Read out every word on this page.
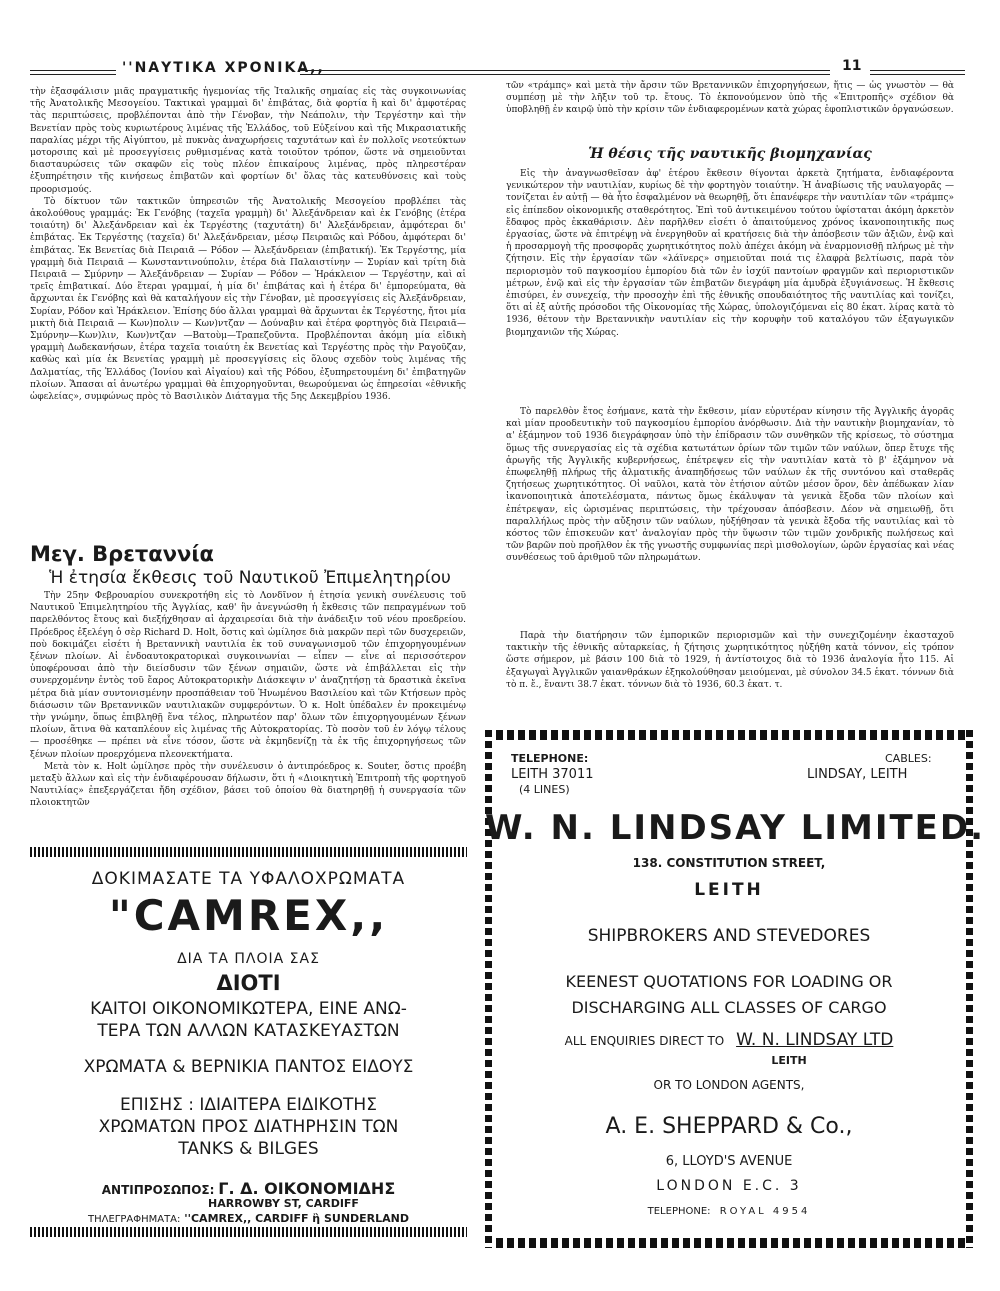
''ΝΑΥΤΙΚΑ ΧΡΟΝΙΚΑ,,	11

τὴν ἐξασφάλισιν μιᾶς πραγματικῆς ἡγεμονίας τῆς Ἰταλικῆς σημαίας εἰς τὰς συγκοινωνίας τῆς Ἀνατολικῆς Μεσογείου. Τακτικαὶ γραμμαὶ δι' ἐπιβάτας, διὰ φορτία ἢ καὶ δι' ἀμφοτέρας τὰς περιπτώσεις, προβλέπονται ἀπὸ τὴν Γένοβαν, τὴν Νεάπολιν, τὴν Τεργέστην καὶ τὴν Βενετίαν πρὸς τοὺς κυριωτέρους λιμένας τῆς Ἑλλάδος, τοῦ Εὐξείνου καὶ τῆς Μικρασιατικῆς παραλίας μέχρι τῆς Αἰγύπτου, μὲ πυκνὰς ἀναχωρήσεις ταχυτάτων καὶ ἐν πολλοῖς νεοτεύκτων μοτορσιπς καὶ μὲ προσεγγίσεις ρυθμισμένας κατὰ τοιοῦτον τρόπον, ὥστε νὰ σημειοῦνται διασταυρώσεις τῶν σκαφῶν εἰς τοὺς πλέον ἐπικαίρους λιμένας, πρὸς πληρεστέραν ἐξυπηρέτησιν τῆς κινήσεως ἐπιβατῶν καὶ φορτίων δι' ὅλας τὰς κατευθύνσεις καὶ τοὺς προορισμούς.

Τὸ δίκτυον τῶν τακτικῶν ὑπηρεσιῶν τῆς Ἀνατολικῆς Μεσογείου προβλέπει τὰς ἀκολούθους γραμμάς: Ἐκ Γενόβης (ταχεῖα γραμμὴ) δι' Ἀλεξάνδρειαν καὶ ἐκ Γενόβης (ἑτέρα τοιαύτη) δι' Ἀλεξάνδρειαν καὶ ἐκ Τεργέστης (ταχυτάτη) δι' Ἀλεξάνδρειαν, ἀμφότεραι δι' ἐπιβάτας. Ἐκ Τεργέστης (ταχεῖα) δι' Ἀλεξάνδρειαν, μέσῳ Πειραιῶς καὶ Ρόδου, ἀμφότεραι δι' ἐπιβάτας. Ἐκ Βενετίας διὰ Πειραιᾶ — Ρόδον — Ἀλεξάνδρειαν (ἐπιβατική). Ἐκ Τεργέστης, μία γραμμὴ διὰ Πειραιᾶ — Κωνσταντινούπολιν, ἑτέρα διὰ Παλαιστίνην — Συρίαν καὶ τρίτη διὰ Πειραιᾶ — Σμύρνην — Ἀλεξάνδρειαν — Συρίαν — Ρόδον — Ἡράκλειον — Τεργέστην, καὶ αἱ τρεῖς ἐπιβατικαί. Δύο ἕτεραι γραμμαί, ἡ μία δι' ἐπιβάτας καὶ ἡ ἑτέρα δι' ἐμπορεύματα, θὰ ἄρχωνται ἐκ Γενόβης καὶ θὰ καταλήγουν εἰς τὴν Γένοβαν, μὲ προσεγγίσεις εἰς Ἀλεξάνδρειαν, Συρίαν, Ρόδον καὶ Ἡράκλειον. Ἐπίσης δύο ἄλλαι γραμμαὶ θὰ ἄρχωνται ἐκ Τεργέστης, ἤτοι μία μικτὴ διὰ Πειραιᾶ — Κων)πολιν — Κων)ντζαν — Δούναβιν καὶ ἑτέρα φορτηγὸς διὰ Πειραιᾶ—Σμύρνην—Κων)λιν, Κων)ντζαν —Βατοὺμ—Τραπεζοῦντα. Προβλέπονται ἀκόμη μία εἰδικὴ γραμμὴ Δωδεκανήσων, ἑτέρα ταχεῖα τοιαύτη ἐκ Βενετίας καὶ Τεργέστης πρὸς τὴν Ραγοῦζαν, καθὼς καὶ μία ἐκ Βενετίας γραμμὴ μὲ προσεγγίσεις εἰς ὅλους σχεδὸν τοὺς λιμένας τῆς Δαλματίας, τῆς Ἑλλάδος (Ἰονίου καὶ Αἰγαίου) καὶ τῆς Ρόδου, ἐξυπηρετουμένη δι' ἐπιβατηγῶν πλοίων. Ἅπασαι αἱ ἀνωτέρω γραμμαὶ θὰ ἐπιχορηγοῦνται, θεωρούμεναι ὡς ἐπηρεσίαι «ἐθνικῆς ὠφελείας», συμφώνως πρὸς τὸ Βασιλικὸν Διάταγμα τῆς 5ης Δεκεμβρίου 1936.

Μεγ. Βρεταννία
Ἡ ἐτησία ἔκθεσις τοῦ Ναυτικοῦ Ἐπιμελητηρίου

Τὴν 25ην Φεβρουαρίου συνεκροτήθη εἰς τὸ Λονδῖνον ἡ ἐτησία γενικὴ συνέλευσις τοῦ Ναυτικοῦ Ἐπιμελητηρίου τῆς Ἀγγλίας, καθ' ἣν ἀνεγνώσθη ἡ ἔκθεσις τῶν πεπραγμένων τοῦ παρελθόντος ἔτους καὶ διεξήχθησαν αἱ ἀρχαιρεσίαι διὰ τὴν ἀνάδειξιν τοῦ νέου προεδρείου. Πρόεδρος ἐξελέγη ὁ σὲρ Richard D. Holt, ὅστις καὶ ὡμίλησε διὰ μακρῶν περὶ τῶν δυσχερειῶν, ποὺ δοκιμάζει εἰσέτι ἡ Βρεταννικὴ ναυτιλία ἐκ τοῦ συναγωνισμοῦ τῶν ἐπιχορηγουμένων ξένων πλοίων. Αἱ ἐνδοαυτοκρατορικαὶ συγκοινωνίαι — εἶπεν — εἶνε αἱ περισσότερον ὑποφέρουσαι ἀπὸ τὴν διείσδυσιν τῶν ξένων σημαιῶν, ὥστε νὰ ἐπιβάλλεται εἰς τὴν συνερχομένην ἐντὸς τοῦ ἔαρος Αὐτοκρατορικὴν Διάσκεψιν ν' ἀναζητήσῃ τὰ δραστικὰ ἐκεῖνα μέτρα διὰ μίαν συντονισμένην προσπάθειαν τοῦ Ἡνωμένου Βασιλείου καὶ τῶν Κτήσεων πρὸς διάσωσιν τῶν Βρεταννικῶν ναυτιλιακῶν συμφερόντων. Ὁ κ. Holt ὑπέδαλεν ἐν προκειμένῳ τὴν γνώμην, ὅπως ἐπιβληθῇ ἕνα τέλος, πληρωτέον παρ' ὅλων τῶν ἐπιχορηγουμένων ξένων πλοίων, ἅτινα θὰ καταπλέουν εἰς λιμένας τῆς Αὐτοκρατορίας. Τὸ ποσὸν τοῦ ἐν λόγῳ τέλους — προσέθηκε — πρέπει νὰ εἶνε τόσον, ὥστε νὰ ἐκμηδενίζῃ τὰ ἐκ τῆς ἐπιχορηγήσεως τῶν ξένων πλοίων προερχόμενα πλεονεκτήματα.

Μετὰ τὸν κ. Holt ὡμίλησε πρὸς τὴν συνέλευσιν ὁ ἀντιπρόεδρος κ. Souter, ὅστις προέβη μεταξὺ ἄλλων καὶ εἰς τὴν ἐνδιαφέρουσαν δήλωσιν, ὅτι ἡ «Διοικητικὴ Ἐπιτροπὴ τῆς φορτηγοῦ Ναυτιλίας» ἐπεξεργάζεται ἤδη σχέδιον, βάσει τοῦ ὁποίου θὰ διατηρηθῇ ἡ συνεργασία τῶν πλοιοκτητῶν

τῶν «τράμπς» καὶ μετὰ τὴν ἄρσιν τῶν Βρεταννικῶν ἐπιχορηγήσεων, ἥτις — ὡς γνωστὸν — θὰ συμπέσῃ μὲ τὴν λῆξιν τοῦ τρ. ἔτους. Τὸ ἐκπονούμενον ὑπὸ τῆς «Ἐπιτροπῆς» σχέδιον θὰ ὑποβληθῇ ἐν καιρῷ ὑπὸ τὴν κρίσιν τῶν ἐνδιαφερομένων κατὰ χώρας ἐφοπλιστικῶν ὀργανώσεων.

Ἡ θέσις τῆς ναυτικῆς βιομηχανίας

Εἰς τὴν ἀναγνωσθεῖσαν ἀφ' ἑτέρου ἔκθεσιν θίγονται ἀρκετὰ ζητήματα, ἐνδιαφέροντα γενικώτερον τὴν ναυτιλίαν, κυρίως δὲ τὴν φορτηγὸν τοιαύτην. Ἡ ἀναβίωσις τῆς ναυλαγορᾶς — τονίζεται ἐν αὐτῇ — θὰ ἦτο ἐσφαλμένον νὰ θεωρηθῇ, ὅτι ἐπανέφερε τὴν ναυτιλίαν τῶν «τράμπς» εἰς ἐπίπεδον οἰκονομικῆς σταθερότητος. Ἐπὶ τοῦ ἀντικειμένου τούτου ὑφίσταται ἀκόμη ἀρκετὸν ἔδαφος πρὸς ἐκκαθάρισιν. Δὲν παρῆλθεν εἰσέτι ὁ ἀπαιτούμενος χρόνος ἱκανοποιητικῆς πως ἐργασίας, ὥστε νὰ ἐπιτρέψῃ νὰ ἐνεργηθοῦν αἱ κρατήσεις διὰ τὴν ἀπόσβεσιν τῶν ἀξιῶν, ἐνῷ καὶ ἡ προσαρμογὴ τῆς προσφορᾶς χωρητικότητος πολὺ ἀπέχει ἀκόμη νὰ ἐναρμονισθῇ πλήρως μὲ τὴν ζήτησιν. Εἰς τὴν ἐργασίαν τῶν «λάϊνερς» σημειοῦται ποιά τις ἐλαφρὰ βελτίωσις, παρὰ τὸν περιορισμὸν τοῦ παγκοσμίου ἐμπορίου διὰ τῶν ἐν ἰσχύϊ παντοίων φραγμῶν καὶ περιοριστικῶν μέτρων, ἐνῷ καὶ εἰς τὴν ἐργασίαν τῶν ἐπιβατῶν διεγράφη μία ἀμυδρὰ ἐξυγιάνσεως. Ἡ ἔκθεσις ἐπισύρει, ἐν συνεχείᾳ, τὴν προσοχὴν ἐπὶ τῆς ἐθνικῆς σπουδαιότητος τῆς ναυτιλίας καὶ τονίζει, ὅτι αἱ ἐξ αὐτῆς πρόσοδοι τῆς Οἰκονομίας τῆς Χώρας, ὑπολογιζόμεναι εἰς 80 ἑκατ. λίρας κατὰ τὸ 1936, θέτουν τὴν Βρεταννικὴν ναυτιλίαν εἰς τὴν κορυφὴν τοῦ καταλόγου τῶν ἐξαγωγικῶν βιομηχανιῶν τῆς Χώρας.

Τὸ παρελθὸν ἔτος ἐσήμανε, κατὰ τὴν ἔκθεσιν, μίαν εὐρυτέραν κίνησιν τῆς Ἀγγλικῆς ἀγορᾶς καὶ μίαν προοδευτικὴν τοῦ παγκοσμίου ἐμπορίου ἀνόρθωσιν. Διὰ τὴν ναυτικὴν βιομηχανίαν, τὸ α' ἑξάμηνον τοῦ 1936 διεγράφησαν ὑπὸ τὴν ἐπίδρασιν τῶν συνθηκῶν τῆς κρίσεως, τὸ σύστημα ὅμως τῆς συνεργασίας εἰς τὰ σχέδια κατωτάτων ὁρίων τῶν τιμῶν τῶν ναύλων, ὅπερ ἔτυχε τῆς ἀρωγῆς τῆς Ἀγγλικῆς κυβερνήσεως, ἐπέτρεψεν εἰς τὴν ναυτιλίαν κατὰ τὸ β' ἑξάμηνον νὰ ἐπωφεληθῇ πλήρως τῆς ἀλματικῆς ἀναπηδήσεως τῶν ναύλων ἐκ τῆς συντόνου καὶ σταθερᾶς ζητήσεως χωρητικότητος. Οἱ ναῦλοι, κατὰ τὸν ἐτήσιον αὐτῶν μέσον ὅρον, δὲν ἀπέδωκαν λίαν ἱκανοποιητικὰ ἀποτελέσματα, πάντως ὅμως ἐκάλυψαν τὰ γενικὰ ἔξοδα τῶν πλοίων καὶ ἐπέτρεψαν, εἰς ὡρισμένας περιπτώσεις, τὴν τρέχουσαν ἀπόσβεσιν. Δέον νὰ σημειωθῇ, ὅτι παραλλήλως πρὸς τὴν αὔξησιν τῶν ναύλων, ηὐξήθησαν τὰ γενικὰ ἔξοδα τῆς ναυτιλίας καὶ τὸ κόστος τῶν ἐπισκευῶν κατ' ἀναλογίαν πρὸς τὴν ὕψωσιν τῶν τιμῶν χονδρικῆς πωλήσεως καὶ τῶν βαρῶν ποὺ προῆλθον ἐκ τῆς γνωστῆς συμφωνίας περὶ μισθολογίων, ὡρῶν ἐργασίας καὶ νέας συνθέσεως τοῦ ἀριθμοῦ τῶν πληρωμάτων.

Παρὰ τὴν διατήρησιν τῶν ἐμπορικῶν περιορισμῶν καὶ τὴν συνεχιζομένην ἑκασταχοῦ τακτικὴν τῆς ἐθνικῆς αὐταρκείας, ἡ ζήτησις χωρητικότητος ηὐξήθη κατὰ τόννον, εἰς τρόπον ὥστε σήμερον, μὲ βάσιν 100 διὰ τὸ 1929, ἡ ἀντίστοιχος διὰ τὸ 1936 ἀναλογία ἦτο 115. Αἱ ἐξαγωγαὶ Ἀγγλικῶν γαιανθράκων ἐξηκολούθησαν μειούμεναι, μὲ σύνολον 34.5 ἑκατ. τόννων διὰ τὸ π. ἔ., ἔναντι 38.7 ἑκατ. τόννων διὰ τὸ 1936, 60.3 ἑκατ. τ.

ΔΟΚΙΜΑΣΑΤΕ ΤΑ ΥΦΑΛΟΧΡΩΜΑΤΑ
"CAMREX,,
ΔΙΑ ΤΑ ΠΛΟΙΑ ΣΑΣ
ΔΙΟΤΙ
ΚΑΙΤΟΙ ΟΙΚΟΝΟΜΙΚΩΤΕΡΑ, ΕΙΝΕ ΑΝΩ-
ΤΕΡΑ ΤΩΝ ΑΛΛΩΝ ΚΑΤΑΣΚΕΥΑΣΤΩΝ
ΧΡΩΜΑΤΑ & ΒΕΡΝΙΚΙΑ ΠΑΝΤΟΣ ΕΙΔΟΥΣ
ΕΠΙΣΗΣ : ΙΔΙΑΙΤΕΡΑ ΕΙΔΙΚΟΤΗΣ
ΧΡΩΜΑΤΩΝ ΠΡΟΣ ΔΙΑΤΗΡΗΣΙΝ ΤΩΝ
TANKS & BILGES
ΑΝΤΙΠΡΟΣΩΠΟΣ: Γ. Δ. ΟΙΚΟΝΟΜΙΔΗΣ
HARROWBY ST, CARDIFF
ΤΗΛΕΓΡΑΦΗΜΑΤΑ: ''CAMREX,, CARDIFF ἢ SUNDERLAND
TELEPHONE:
LEITH 37011
(4 LINES)
CABLES:
LINDSAY, LEITH
W. N. LINDSAY LIMITED.
138. CONSTITUTION STREET,
LEITH
SHIPBROKERS AND STEVEDORES
KEENEST QUOTATIONS FOR LOADING OR
DISCHARGING ALL CLASSES OF CARGO
ALL ENQUIRIES DIRECT TO W. N. LINDSAY LTD
LEITH
OR TO LONDON AGENTS,
A. E. SHEPPARD & Co.,
6, LLOYD'S AVENUE
LONDON E.C. 3
TELEPHONE: ROYAL 4954
